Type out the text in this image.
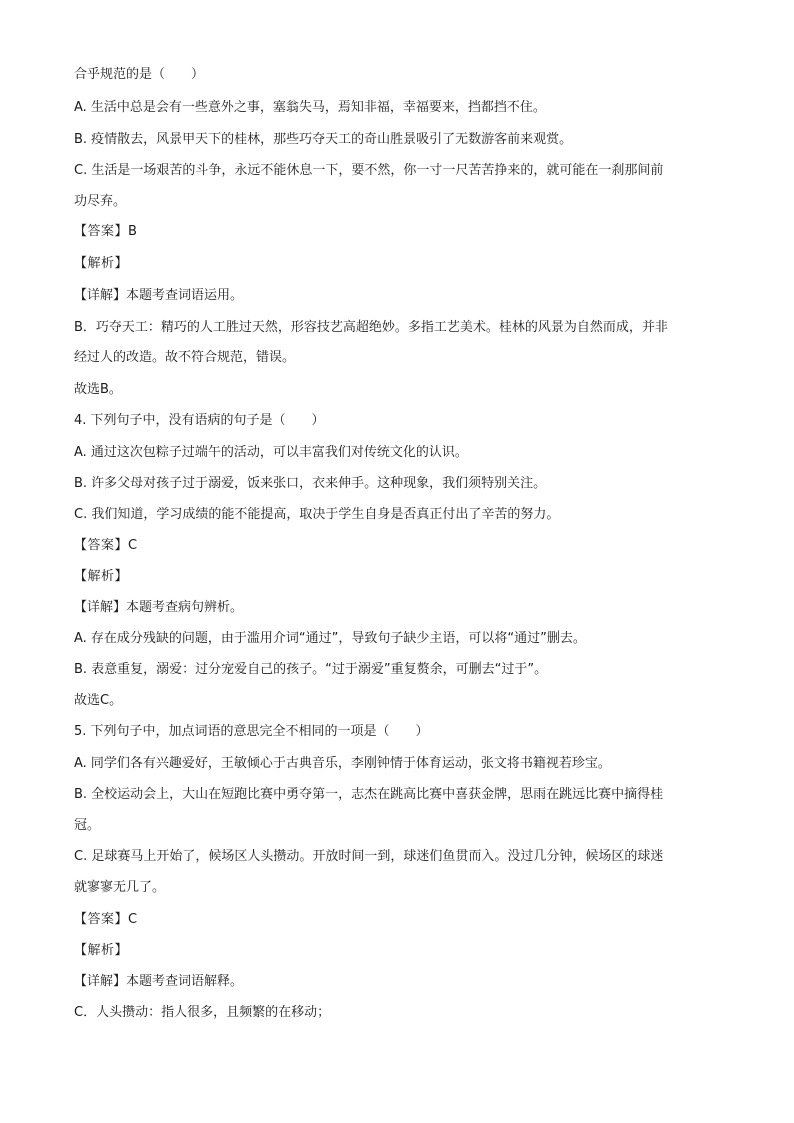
合乎规范的是（　　）
A. 生活中总是会有一些意外之事，塞翁失马，焉知非福，幸福要来，挡都挡不住。
B. 疫情散去，风景甲天下的桂林，那些巧夺天工的奇山胜景吸引了无数游客前来观赏。
C. 生活是一场艰苦的斗争，永远不能休息一下，要不然，你一寸一尺苦苦挣来的，就可能在一刹那间前
功尽弃。
【答案】B
【解析】
【详解】本题考查词语运用。
B．巧夺天工：精巧的人工胜过天然，形容技艺高超绝妙。多指工艺美术。桂林的风景为自然而成，并非
经过人的改造。故不符合规范，错误。
故选B。
4. 下列句子中，没有语病的句子是（　　）
A. 通过这次包粽子过端午的活动，可以丰富我们对传统文化的认识。
B. 许多父母对孩子过于溺爱，饭来张口，衣来伸手。这种现象，我们须特别关注。
C. 我们知道，学习成绩的能不能提高，取决于学生自身是否真正付出了辛苦的努力。
【答案】C
【解析】
【详解】本题考查病句辨析。
A. 存在成分残缺的问题，由于滥用介词“通过”，导致句子缺少主语，可以将“通过”删去。
B. 表意重复，溺爱：过分宠爱自己的孩子。“过于溺爱”重复赘余，可删去“过于”。
故选C。
5. 下列句子中，加点词语的意思完全不相同的一项是（　　）
A. 同学们各有兴趣爱好，王敏倾心于古典音乐，李刚钟情于体育运动，张文将书籍视若珍宝。
B. 全校运动会上，大山在短跑比赛中勇夺第一，志杰在跳高比赛中喜获金牌，思雨在跳远比赛中摘得桂
冠。
C. 足球赛马上开始了，候场区人头攒动。开放时间一到，球迷们鱼贯而入。没过几分钟，候场区的球迷
就寥寥无几了。
【答案】C
【解析】
【详解】本题考查词语解释。
C．人头攒动：指人很多，且频繁的在移动；
